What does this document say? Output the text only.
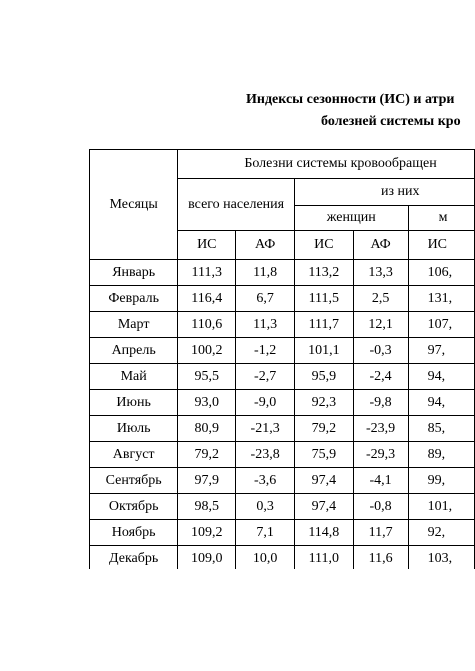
Индексы сезонности (ИС) и атри
болезней системы кро
Месяцы	Болезни системы кровообращен				
	всего населения		из них		
			женщин		м
	ИС	АФ	ИС	АФ	ИС
Январь	111,3	11,8	113,2	13,3	106,
Февраль	116,4	6,7	111,5	2,5	131,
Март	110,6	11,3	111,7	12,1	107,
Апрель	100,2	-1,2	101,1	-0,3	97,
Май	95,5	-2,7	95,9	-2,4	94,
Июнь	93,0	-9,0	92,3	-9,8	94,
Июль	80,9	-21,3	79,2	-23,9	85,
Август	79,2	-23,8	75,9	-29,3	89,
Сентябрь	97,9	-3,6	97,4	-4,1	99,
Октябрь	98,5	0,3	97,4	-0,8	101,
Ноябрь	109,2	7,1	114,8	11,7	92,
Декабрь	109,0	10,0	111,0	11,6	103,
